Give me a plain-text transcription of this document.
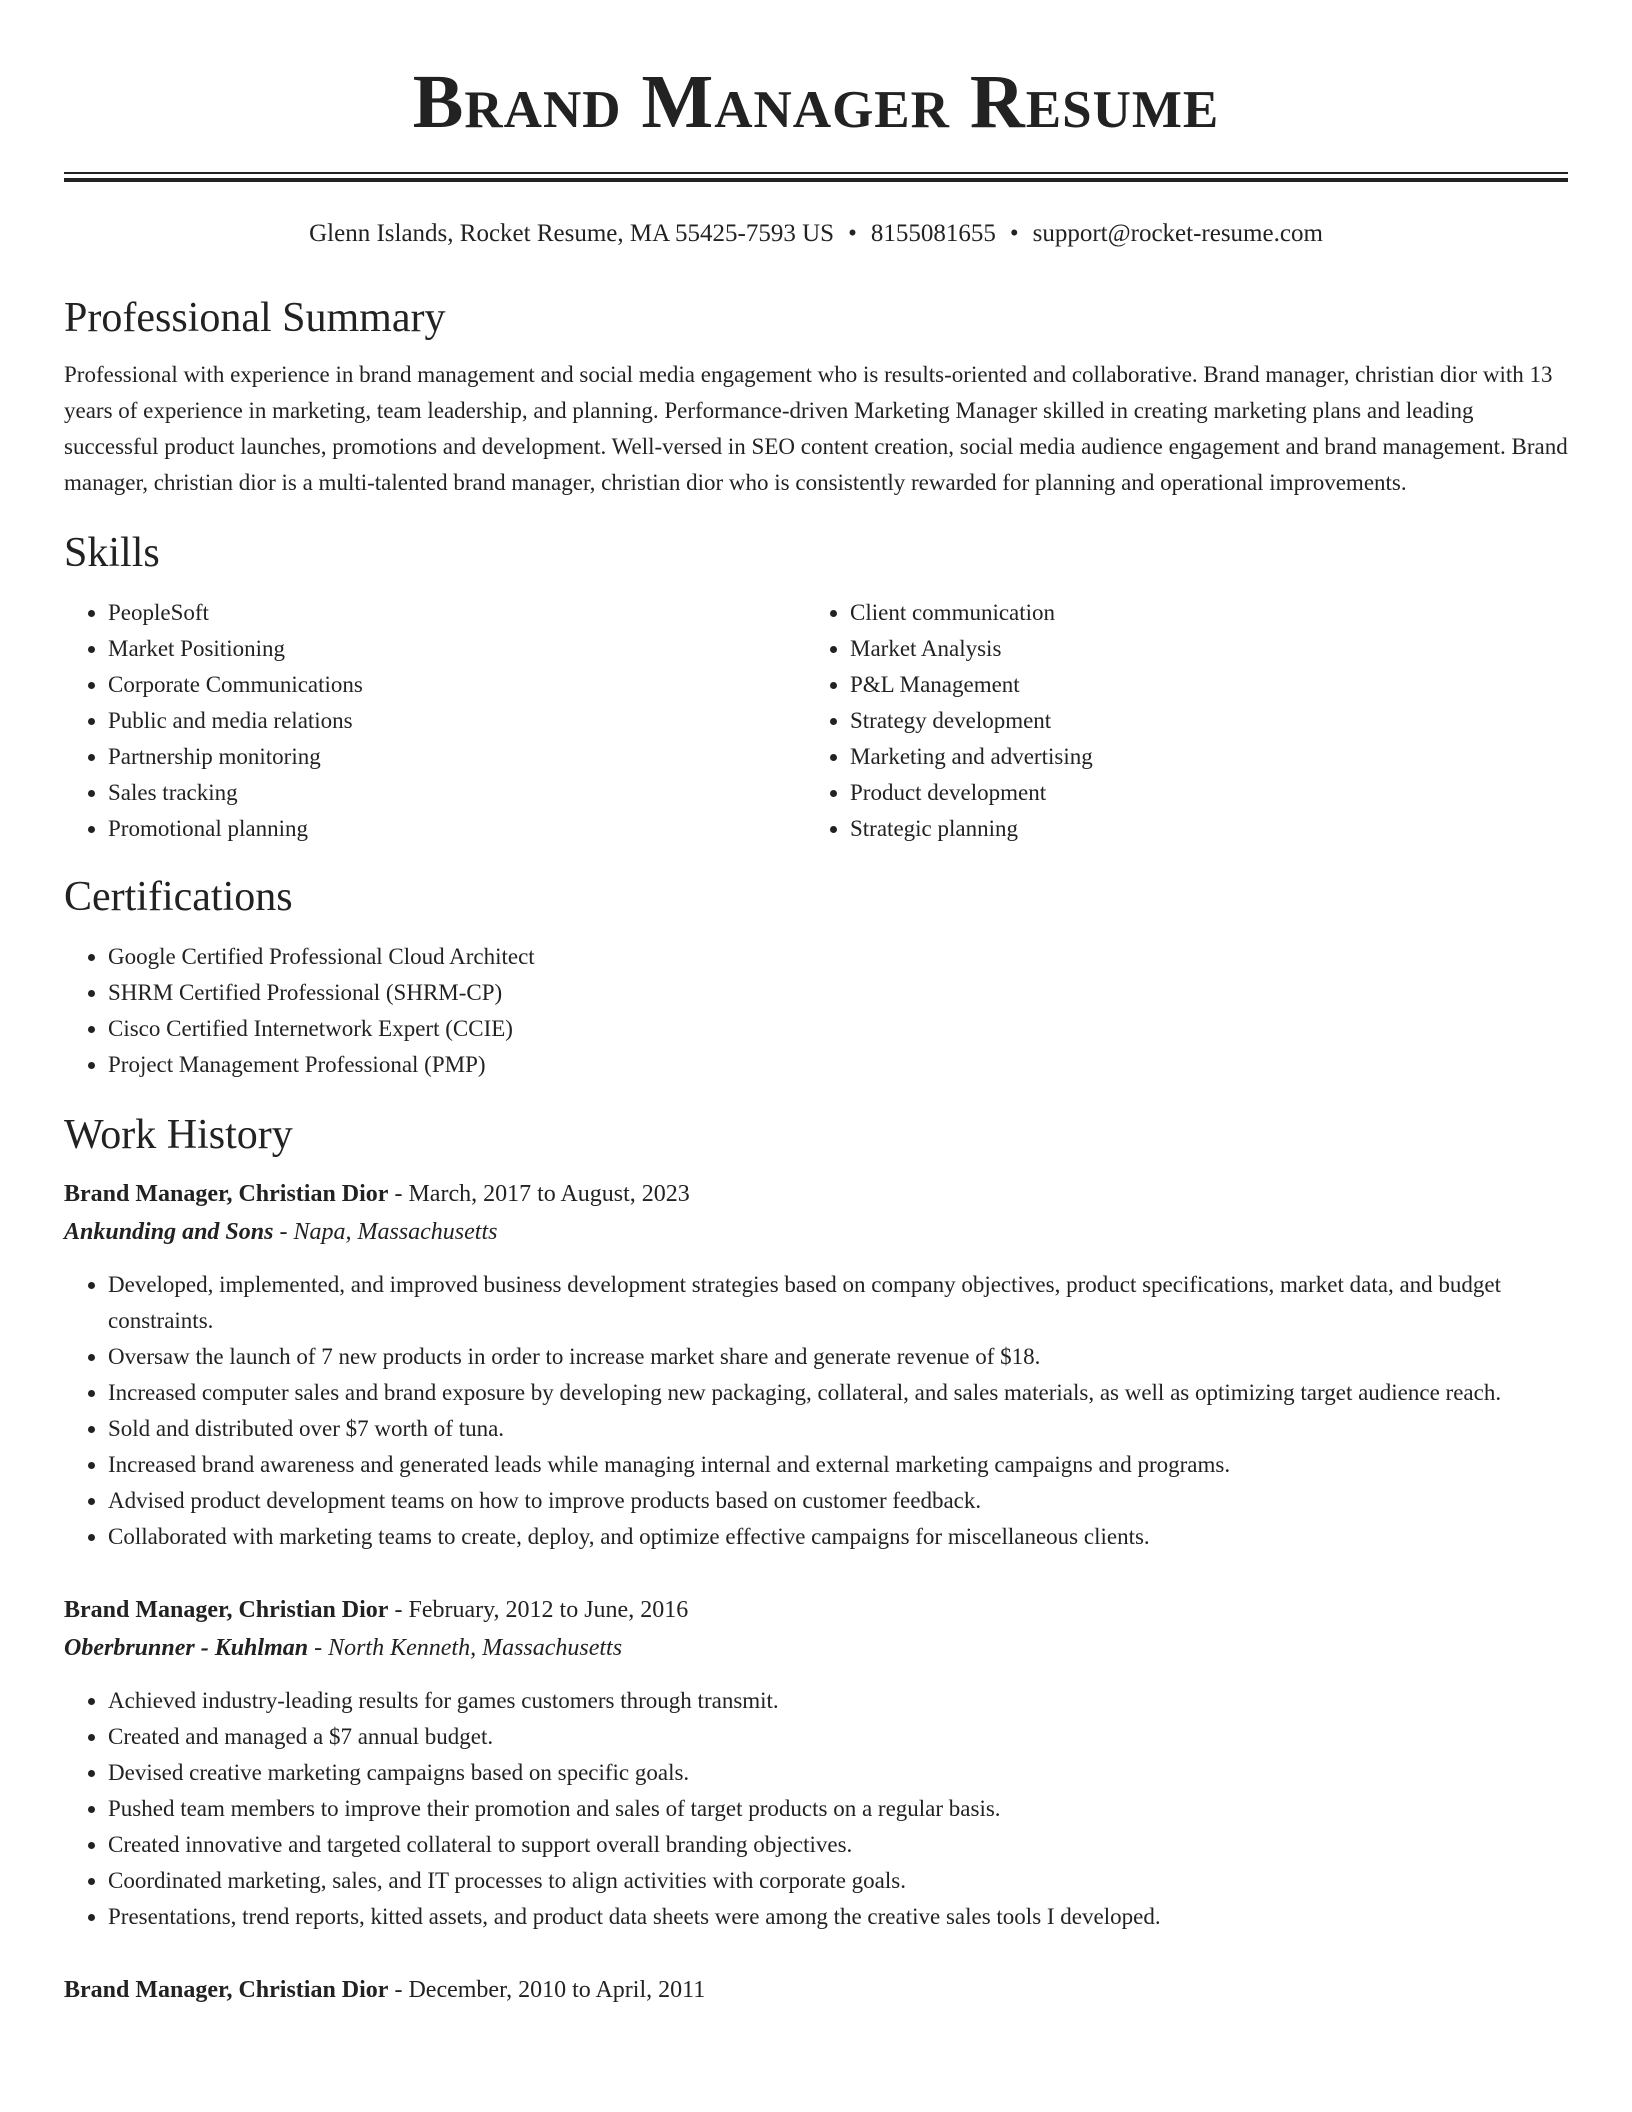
Brand Manager Resume
Glenn Islands, Rocket Resume, MA 55425-7593 US • 8155081655 • support@rocket-resume.com
Professional Summary

Professional with experience in brand management and social media engagement who is results-oriented and collaborative. Brand manager, christian dior with 13 years of experience in marketing, team leadership, and planning. Performance-driven Marketing Manager skilled in creating marketing plans and leading successful product launches, promotions and development. Well-versed in SEO content creation, social media audience engagement and brand management. Brand manager, christian dior is a multi-talented brand manager, christian dior who is consistently rewarded for planning and operational improvements.

Skills
• PeopleSoft
• Market Positioning
• Corporate Communications
• Public and media relations
• Partnership monitoring
• Sales tracking
• Promotional planning
• Client communication
• Market Analysis
• P&L Management
• Strategy development
• Marketing and advertising
• Product development
• Strategic planning
Certifications
• Google Certified Professional Cloud Architect
• SHRM Certified Professional (SHRM-CP)
• Cisco Certified Internetwork Expert (CCIE)
• Project Management Professional (PMP)
Work History
Brand Manager, Christian Dior - March, 2017 to August, 2023
Ankunding and Sons - Napa, Massachusetts
• Developed, implemented, and improved business development strategies based on company objectives, product specifications, market data, and budget constraints.
• Oversaw the launch of 7 new products in order to increase market share and generate revenue of $18.
• Increased computer sales and brand exposure by developing new packaging, collateral, and sales materials, as well as optimizing target audience reach.
• Sold and distributed over $7 worth of tuna.
• Increased brand awareness and generated leads while managing internal and external marketing campaigns and programs.
• Advised product development teams on how to improve products based on customer feedback.
• Collaborated with marketing teams to create, deploy, and optimize effective campaigns for miscellaneous clients.
Brand Manager, Christian Dior - February, 2012 to June, 2016
Oberbrunner - Kuhlman - North Kenneth, Massachusetts
• Achieved industry-leading results for games customers through transmit.
• Created and managed a $7 annual budget.
• Devised creative marketing campaigns based on specific goals.
• Pushed team members to improve their promotion and sales of target products on a regular basis.
• Created innovative and targeted collateral to support overall branding objectives.
• Coordinated marketing, sales, and IT processes to align activities with corporate goals.
• Presentations, trend reports, kitted assets, and product data sheets were among the creative sales tools I developed.
Brand Manager, Christian Dior - December, 2010 to April, 2011
